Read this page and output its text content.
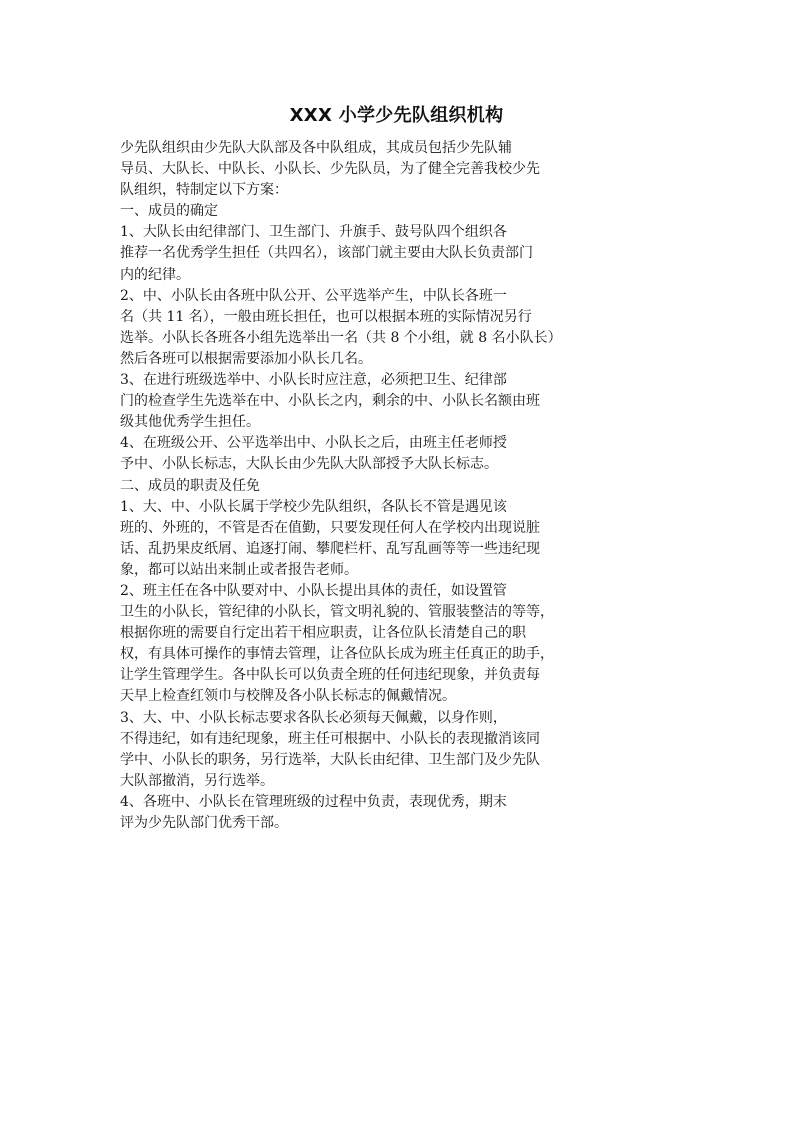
XXX 小学少先队组织机构
少先队组织由少先队大队部及各中队组成，其成员包括少先队辅
导员、大队长、中队长、小队长、少先队员，为了健全完善我校少先
队组织，特制定以下方案：
一、成员的确定
1、大队长由纪律部门、卫生部门、升旗手、鼓号队四个组织各
推荐一名优秀学生担任（共四名），该部门就主要由大队长负责部门
内的纪律。
2、中、小队长由各班中队公开、公平选举产生，中队长各班一
名（共 11 名），一般由班长担任，也可以根据本班的实际情况另行
选举。小队长各班各小组先选举出一名（共 8 个小组，就 8 名小队长）
然后各班可以根据需要添加小队长几名。
3、在进行班级选举中、小队长时应注意，必须把卫生、纪律部
门的检查学生先选举在中、小队长之内，剩余的中、小队长名额由班
级其他优秀学生担任。
4、在班级公开、公平选举出中、小队长之后，由班主任老师授
予中、小队长标志，大队长由少先队大队部授予大队长标志。
二、成员的职责及任免
1、大、中、小队长属于学校少先队组织，各队长不管是遇见该
班的、外班的，不管是否在值勤，只要发现任何人在学校内出现说脏
话、乱扔果皮纸屑、追逐打闹、攀爬栏杆、乱写乱画等等一些违纪现
象，都可以站出来制止或者报告老师。
2、班主任在各中队要对中、小队长提出具体的责任，如设置管
卫生的小队长，管纪律的小队长，管文明礼貌的、管服装整洁的等等，
根据你班的需要自行定出若干相应职责，让各位队长清楚自己的职
权，有具体可操作的事情去管理，让各位队长成为班主任真正的助手，
让学生管理学生。各中队长可以负责全班的任何违纪现象，并负责每
天早上检查红领巾与校牌及各小队长标志的佩戴情况。
3、大、中、小队长标志要求各队长必须每天佩戴，以身作则，
不得违纪，如有违纪现象，班主任可根据中、小队长的表现撤消该同
学中、小队长的职务，另行选举，大队长由纪律、卫生部门及少先队
大队部撤消，另行选举。
4、各班中、小队长在管理班级的过程中负责，表现优秀，期末
评为少先队部门优秀干部。
